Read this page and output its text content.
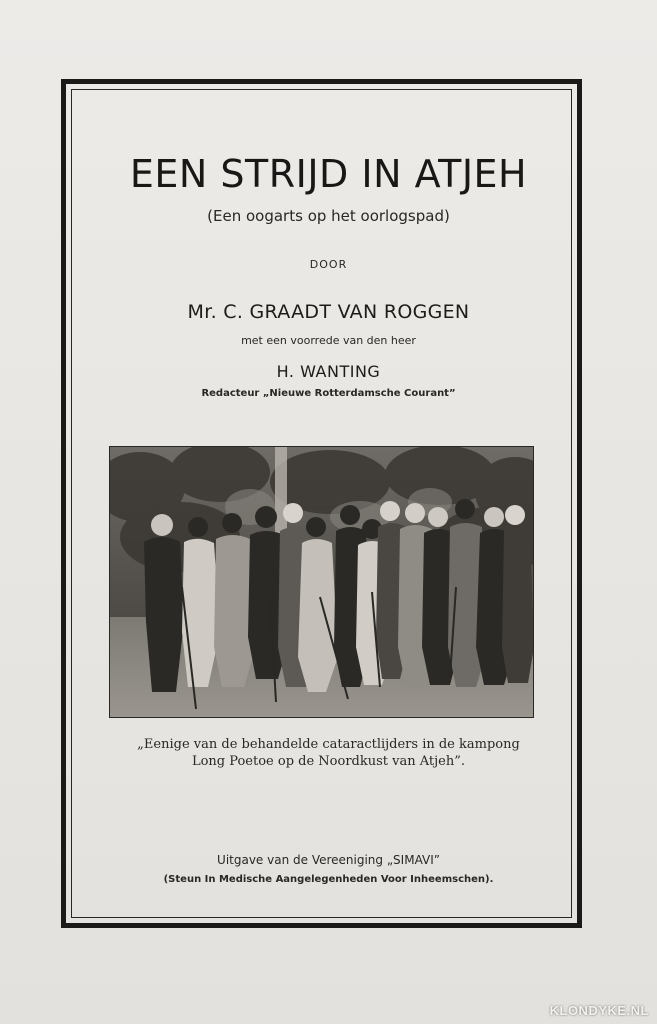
EEN STRIJD IN ATJEH
(Een oogarts op het oorlogspad)
DOOR
Mr. C. GRAADT VAN ROGGEN
met een voorrede van den heer
H. WANTING
Redacteur „Nieuwe Rotterdamsche Courant”
„Eenige van de behandelde cataractlijders in de kampong
Long Poetoe op de Noordkust van Atjeh”.
Uitgave van de Vereeniging „SIMAVI”
(Steun In Medische Aangelegenheden Voor Inheemschen).
KLONDYKE.NL
